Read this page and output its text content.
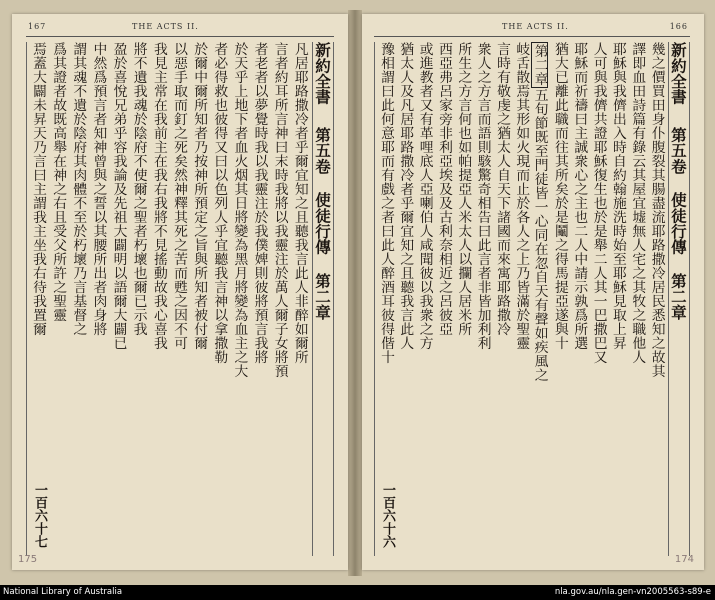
167	THE ACTS II.
新約全書第五卷使徒行傳第二章
凡居耶路撒冷者乎爾宜知之且聽我言此人非醉如爾所
言者約耳所言神曰末時我將以我靈注於萬人爾子女將預
者老者以夢覺時我以我靈注於我僕婢則彼將預言我將
於天乎上地下者血火烟其日將變為黑月將變為血主之大
者必得救也彼得又曰以色列人乎宜聽我言神以拿撒勒
於爾中爾所知者乃按神所預定之旨與所知者被付爾
以惡手取而釘之死矣然神釋其死之苦而甦之因不可
我見主常在我前主在我右我將不見搖動故我心喜我
將不遺我魂於陰府不使爾之聖者朽壞也爾已示我
盈於喜悅兄弟乎容我論及先祖大闢明以語爾大闢已
中然爲預言者知神曾與之誓以其腰所出者肉身將
謂其魂不遺於陰府其肉體不至於朽壞乃言基督之
爲其證者故既高舉在神之右且受父所許之聖靈
焉蓋大闢未昇天乃言曰主謂我主坐我右待我置爾
一百六十七
175
166
THE ACTS II.
新約全書第五卷使徒行傳第二章
幾之價買田身仆腹裂其腸盡流耶路撒冷居民悉知之故其
譯即血田詩篇有錄云其屋宜墟無人宅之其牧之職他人
耶穌與我儕出入時自約翰施洗時始至耶穌見取上昇
人可與我儕共證耶穌復生也於是舉二人其一巴撒巴又
耶穌而祈禱曰主誠衆心之主也二人中請示孰爲所選
猶大已離此職而往其所矣於是鬮之得馬提亞遂與十
第二章五旬節既至門徒皆一心同在忽自天有聲如疾風之
岐舌散焉其形如火現而止於各人之上乃皆滿於聖靈
言時有敬虔之猶太人自天下諸國而來寓耶路撒冷
衆人之方言而語則駭驚奇相告曰此言者非皆加利利
所生之方言何也如帕提亞人米太人以攔人居米所
西亞弗呂家旁非利亞埃及及古利奈相近之呂彼亞
或進教者又有革哩底人亞喇伯人咸聞彼以我衆之方
猶太人及凡居耶路撒冷者乎爾宜知之且聽我言此人
豫相謂曰此何意耶而有戲之者曰此人醉酒耳彼得偕十
一百六十六
174
National Library of Australia	nla.gov.au/nla.gen-vn2005563-s89-e
